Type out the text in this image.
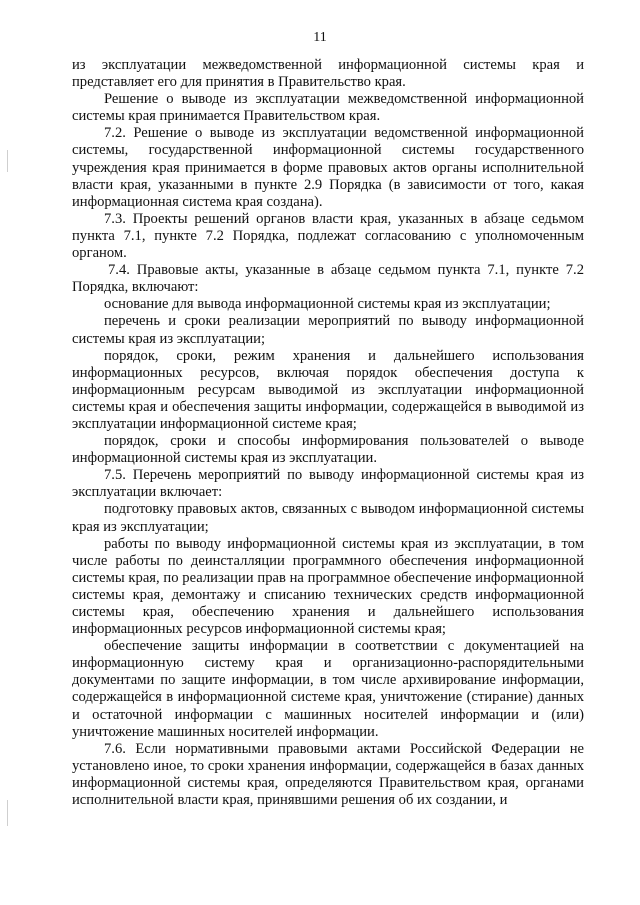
11

из эксплуатации межведомственной информационной системы края и представляет его для принятия в Правительство края.

Решение о выводе из эксплуатации межведомственной информационной системы края принимается Правительством края.

7.2. Решение о выводе из эксплуатации ведомственной информационной системы, государственной информационной системы государственного учреждения края принимается в форме правовых актов органы исполнительной власти края, указанными в пункте 2.9 Порядка (в зависимости от того, какая информационная система края создана).

7.3. Проекты решений органов власти края, указанных в абзаце седьмом пункта 7.1, пункте 7.2 Порядка, подлежат согласованию с уполномоченным органом.

7.4. Правовые акты, указанные в абзаце седьмом пункта 7.1, пункте 7.2 Порядка, включают:

основание для вывода информационной системы края из эксплуатации;

перечень и сроки реализации мероприятий по выводу информационной системы края из эксплуатации;

порядок, сроки, режим хранения и дальнейшего использования информационных ресурсов, включая порядок обеспечения доступа к информационным ресурсам выводимой из эксплуатации информационной системы края и обеспечения защиты информации, содержащейся в выводимой из эксплуатации информационной системе края;

порядок, сроки и способы информирования пользователей о выводе информационной системы края из эксплуатации.

7.5. Перечень мероприятий по выводу информационной системы края из эксплуатации включает:

подготовку правовых актов, связанных с выводом информационной системы края из эксплуатации;

работы по выводу информационной системы края из эксплуатации, в том числе работы по деинсталляции программного обеспечения информационной системы края, по реализации прав на программное обеспечение информационной системы края, демонтажу и списанию технических средств информационной системы края, обеспечению хранения и дальнейшего использования информационных ресурсов информационной системы края;

обеспечение защиты информации в соответствии с документацией на информационную систему края и организационно-распорядительными документами по защите информации, в том числе архивирование информации, содержащейся в информационной системе края, уничтожение (стирание) данных и остаточной информации с машинных носителей информации и (или) уничтожение машинных носителей информации.

7.6. Если нормативными правовыми актами Российской Федерации не установлено иное, то сроки хранения информации, содержащейся в базах данных информационной системы края, определяются Правительством края, органами исполнительной власти края, принявшими решения об их создании, и
